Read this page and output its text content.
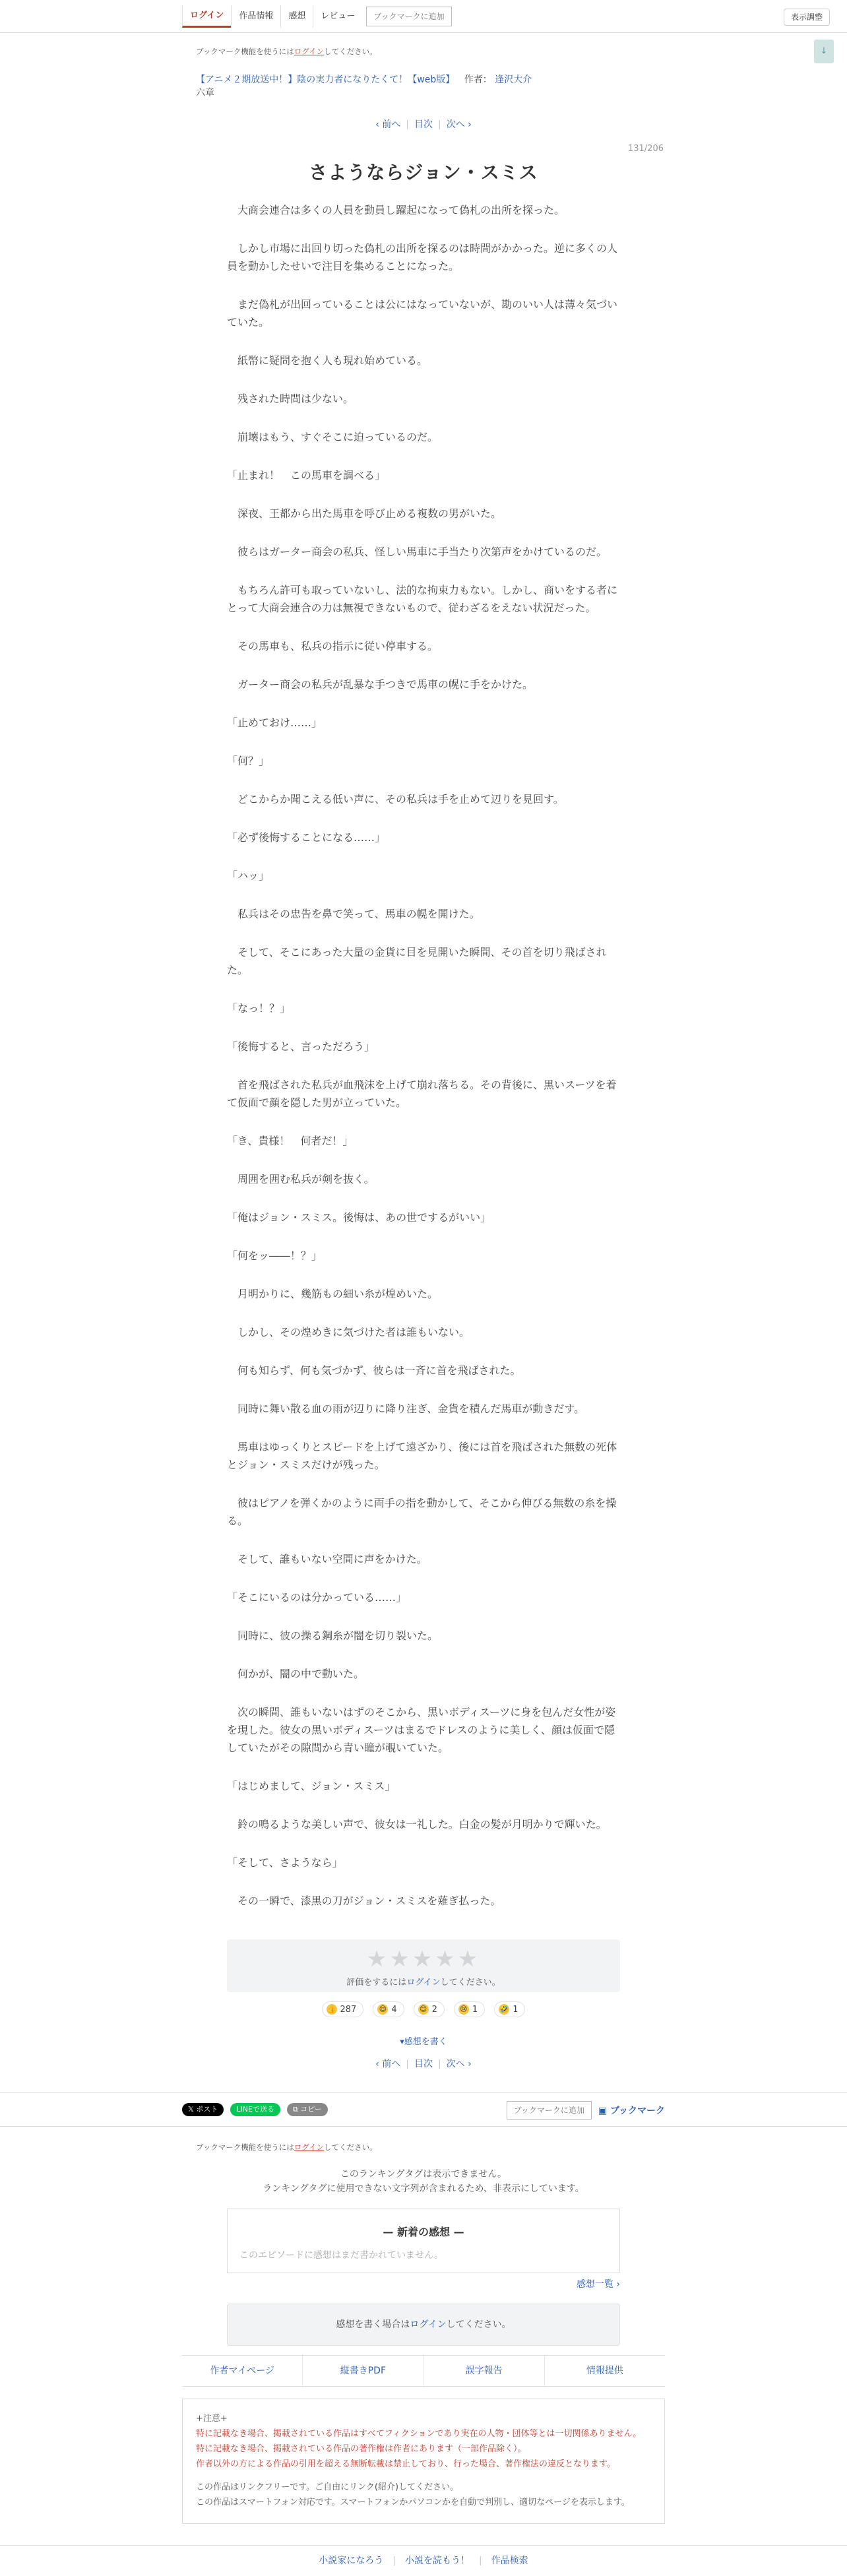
ログイン	作品情報	感想	レビュー	ブックマークに追加	表示調整
↓
ブックマーク機能を使うにはログインしてください。
【アニメ２期放送中！】陰の実力者になりたくて！【web版】 作者： 逢沢大介
六章
‹ 前へ | 目次 | 次へ ›
131/206
さようならジョン・スミス

　大商会連合は多くの人員を動員し躍起になって偽札の出所を探った。

　しかし市場に出回り切った偽札の出所を探るのは時間がかかった。逆に多くの人員を動かしたせいで注目を集めることになった。

　まだ偽札が出回っていることは公にはなっていないが、勘のいい人は薄々気づいていた。

　紙幣に疑問を抱く人も現れ始めている。

　残された時間は少ない。

　崩壊はもう、すぐそこに迫っているのだ。

「止まれ！　この馬車を調べる」

　深夜、王都から出た馬車を呼び止める複数の男がいた。

　彼らはガーター商会の私兵、怪しい馬車に手当たり次第声をかけているのだ。

　もちろん許可も取っていないし、法的な拘束力もない。しかし、商いをする者にとって大商会連合の力は無視できないもので、従わざるをえない状況だった。

　その馬車も、私兵の指示に従い停車する。

　ガーター商会の私兵が乱暴な手つきで馬車の幌に手をかけた。

「止めておけ……」

「何？」

　どこからか聞こえる低い声に、その私兵は手を止めて辺りを見回す。

「必ず後悔することになる……」

「ハッ」

　私兵はその忠告を鼻で笑って、馬車の幌を開けた。

　そして、そこにあった大量の金貨に目を見開いた瞬間、その首を切り飛ばされた。

「なっ！？」

「後悔すると、言っただろう」

　首を飛ばされた私兵が血飛沫を上げて崩れ落ちる。その背後に、黒いスーツを着て仮面で顔を隠した男が立っていた。

「き、貴様！　何者だ！」

　周囲を囲む私兵が剣を抜く。

「俺はジョン・スミス。後悔は、あの世でするがいい」

「何をッ――！？」

　月明かりに、幾筋もの細い糸が煌めいた。

　しかし、その煌めきに気づけた者は誰もいない。

　何も知らず、何も気づかず、彼らは一斉に首を飛ばされた。

　同時に舞い散る血の雨が辺りに降り注ぎ、金貨を積んだ馬車が動きだす。

　馬車はゆっくりとスピードを上げて遠ざかり、後には首を飛ばされた無数の死体とジョン・スミスだけが残った。

　彼はピアノを弾くかのように両手の指を動かして、そこから伸びる無数の糸を操る。

　そして、誰もいない空間に声をかけた。

「そこにいるのは分かっている……」

　同時に、彼の操る鋼糸が闇を切り裂いた。

　何かが、闇の中で動いた。

　次の瞬間、誰もいないはずのそこから、黒いボディスーツに身を包んだ女性が姿を現した。彼女の黒いボディスーツはまるでドレスのように美しく、顔は仮面で隠していたがその隙間から青い瞳が覗いていた。

「はじめまして、ジョン・スミス」

　鈴の鳴るような美しい声で、彼女は一礼した。白金の髪が月明かりで輝いた。

「そして、さようなら」

　その一瞬で、漆黒の刀がジョン・スミスを薙ぎ払った。

★★★★★
評価をするにはログインしてください。
👍 287	😌 4	😊 2	😢 1	🤣 1
▾感想を書く
‹ 前へ | 目次 | 次へ ›
𝕏 ポスト	LINEで送る	⧉ コピー	ブックマークに追加	▣ ブックマーク
ブックマーク機能を使うにはログインしてください。
このランキングタグは表示できません。
ランキングタグに使用できない文字列が含まれるため、非表示にしています。
— 新着の感想 —
このエピソードに感想はまだ書かれていません。
感想一覧 ›
感想を書く場合はログインしてください。
作者マイページ	縦書きPDF	誤字報告	情報提供
+注意+
特に記載なき場合、掲載されている作品はすべてフィクションであり実在の人物・団体等とは一切関係ありません。
特に記載なき場合、掲載されている作品の著作権は作者にあります（一部作品除く）。
作者以外の方による作品の引用を超える無断転載は禁止しており、行った場合、著作権法の違反となります。
この作品はリンクフリーです。ご自由にリンク(紹介)してください。
この作品はスマートフォン対応です。スマートフォンかパソコンかを自動で判別し、適切なページを表示します。
小説家になろう | 小説を読もう！ | 作品検索
